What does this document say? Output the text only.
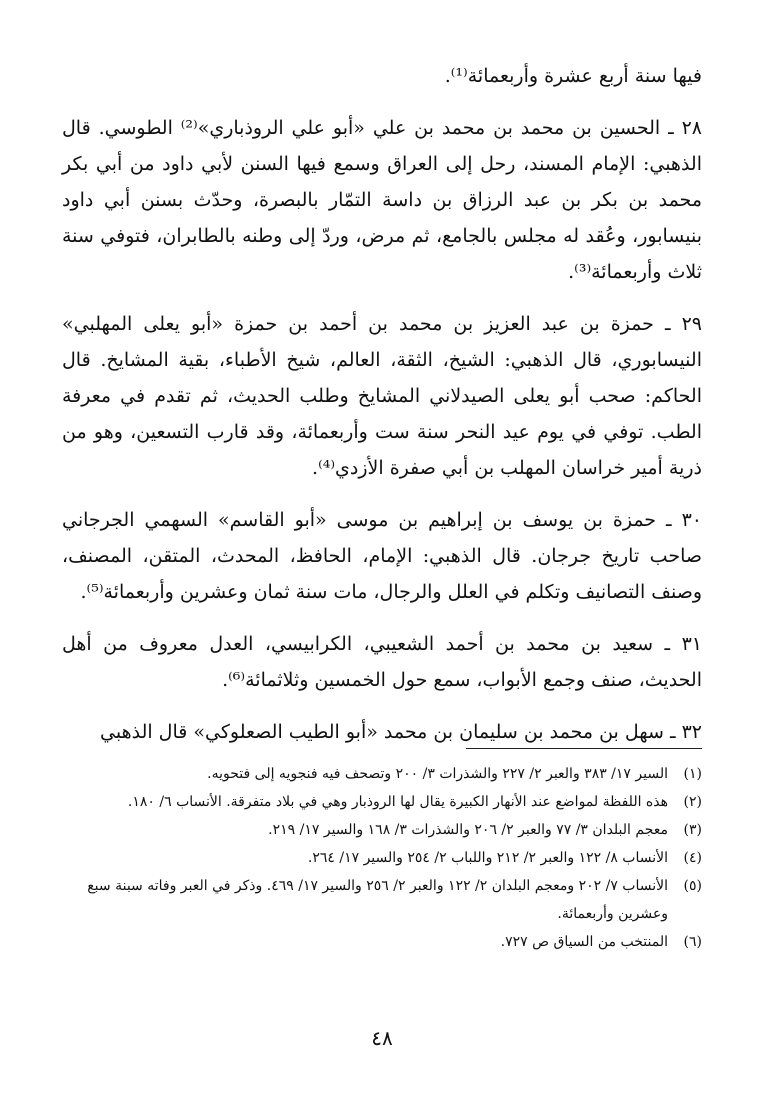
فيها سنة أربع عشرة وأربعمائة⁽¹⁾.

٢٨ ـ الحسين بن محمد بن محمد بن علي «أبو علي الروذباري»⁽²⁾ الطوسي. قال الذهبي: الإمام المسند، رحل إلى العراق وسمع فيها السنن لأبي داود من أبي بكر محمد بن بكر بن عبد الرزاق بن داسة التمّار بالبصرة، وحدّث بسنن أبي داود بنيسابور، وعُقد له مجلس بالجامع، ثم مرض، وردّ إلى وطنه بالطابران، فتوفي سنة ثلاث وأربعمائة⁽³⁾.

٢٩ ـ حمزة بن عبد العزيز بن محمد بن أحمد بن حمزة «أبو يعلى المهلبي» النيسابوري، قال الذهبي: الشيخ، الثقة، العالم، شيخ الأطباء، بقية المشايخ. قال الحاكم: صحب أبو يعلى الصيدلاني المشايخ وطلب الحديث، ثم تقدم في معرفة الطب. توفي في يوم عيد النحر سنة ست وأربعمائة، وقد قارب التسعين، وهو من ذرية أمير خراسان المهلب بن أبي صفرة الأزدي⁽⁴⁾.

٣٠ ـ حمزة بن يوسف بن إبراهيم بن موسى «أبو القاسم» السهمي الجرجاني صاحب تاريخ جرجان. قال الذهبي: الإمام، الحافظ، المحدث، المتقن، المصنف، وصنف التصانيف وتكلم في العلل والرجال، مات سنة ثمان وعشرين وأربعمائة⁽⁵⁾.

٣١ ـ سعيد بن محمد بن أحمد الشعيبي، الكرابيسي، العدل معروف من أهل الحديث، صنف وجمع الأبواب، سمع حول الخمسين وثلاثمائة⁽⁶⁾.

٣٢ ـ سهل بن محمد بن سليمان بن محمد «أبو الطيب الصعلوكي» قال الذهبي

(١)
السير ١٧/ ٣٨٣ والعبر ٢/ ٢٢٧ والشذرات ٣/ ٢٠٠ وتصحف فيه فنجويه إلى فتحويه.
(٢)
هذه اللفظة لمواضع عند الأنهار الكبيرة يقال لها الروذبار وهي في بلاد متفرقة. الأنساب ٦/ ١٨٠.
(٣)
معجم البلدان ٣/ ٧٧ والعبر ٢/ ٢٠٦ والشذرات ٣/ ١٦٨ والسير ١٧/ ٢١٩.
(٤)
الأنساب ٨/ ١٢٢ والعبر ٢/ ٢١٢ واللباب ٢/ ٢٥٤ والسير ١٧/ ٢٦٤.
(٥)
الأنساب ٧/ ٢٠٢ ومعجم البلدان ٢/ ١٢٢ والعبر ٢/ ٢٥٦ والسير ١٧/ ٤٦٩. وذكر في العبر وفاته سبنة سبع وعشرين وأربعمائة.
(٦)
المنتخب من السياق ص ٧٢٧.
٤٨
